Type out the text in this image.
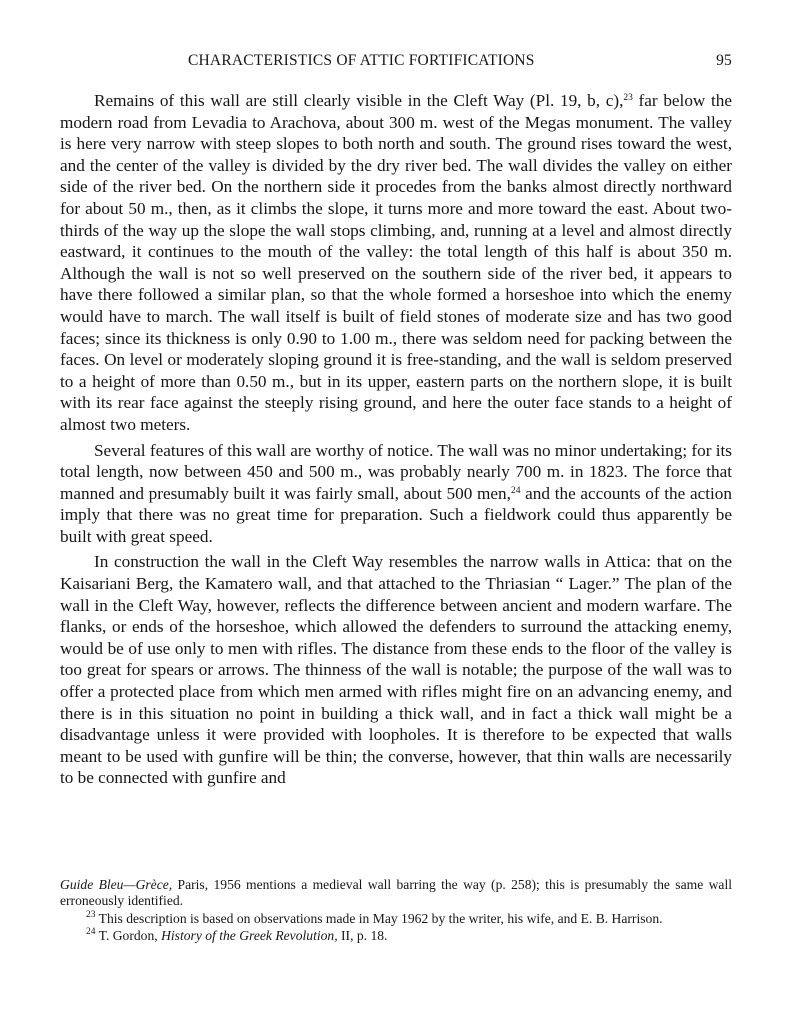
CHARACTERISTICS OF ATTIC FORTIFICATIONS	95

Remains of this wall are still clearly visible in the Cleft Way (Pl. 19, b, c),$^{23}$ far below the modern road from Levadia to Arachova, about 300 m. west of the Megas monument. The valley is here very narrow with steep slopes to both north and south. The ground rises toward the west, and the center of the valley is divided by the dry river bed. The wall divides the valley on either side of the river bed. On the northern side it procedes from the banks almost directly northward for about 50 m., then, as it climbs the slope, it turns more and more toward the east. About two-thirds of the way up the slope the wall stops climbing, and, running at a level and almost directly eastward, it continues to the mouth of the valley: the total length of this half is about 350 m. Although the wall is not so well preserved on the southern side of the river bed, it appears to have there followed a similar plan, so that the whole formed a horseshoe into which the enemy would have to march. The wall itself is built of field stones of moderate size and has two good faces; since its thickness is only 0.90 to 1.00 m., there was seldom need for packing between the faces. On level or moderately sloping ground it is free-standing, and the wall is seldom preserved to a height of more than 0.50 m., but in its upper, eastern parts on the northern slope, it is built with its rear face against the steeply rising ground, and here the outer face stands to a height of almost two meters.

Several features of this wall are worthy of notice. The wall was no minor undertaking; for its total length, now between 450 and 500 m., was probably nearly 700 m. in 1823. The force that manned and presumably built it was fairly small, about 500 men,$^{24}$ and the accounts of the action imply that there was no great time for preparation. Such a fieldwork could thus apparently be built with great speed.

In construction the wall in the Cleft Way resembles the narrow walls in Attica: that on the Kaisariani Berg, the Kamatero wall, and that attached to the Thriasian “ Lager.” The plan of the wall in the Cleft Way, however, reflects the difference between ancient and modern warfare. The flanks, or ends of the horseshoe, which allowed the defenders to surround the attacking enemy, would be of use only to men with rifles. The distance from these ends to the floor of the valley is too great for spears or arrows. The thinness of the wall is notable; the purpose of the wall was to offer a protected place from which men armed with rifles might fire on an advancing enemy, and there is in this situation no point in building a thick wall, and in fact a thick wall might be a disadvantage unless it were provided with loopholes. It is therefore to be expected that walls meant to be used with gunfire will be thin; the converse, however, that thin walls are necessarily to be connected with gunfire and

Guide Bleu—Grèce, Paris, 1956 mentions a medieval wall barring the way (p. 258); this is presumably the same wall erroneously identified.

$^{23}$ This description is based on observations made in May 1962 by the writer, his wife, and E. B. Harrison.

$^{24}$ T. Gordon, History of the Greek Revolution, II, p. 18.
